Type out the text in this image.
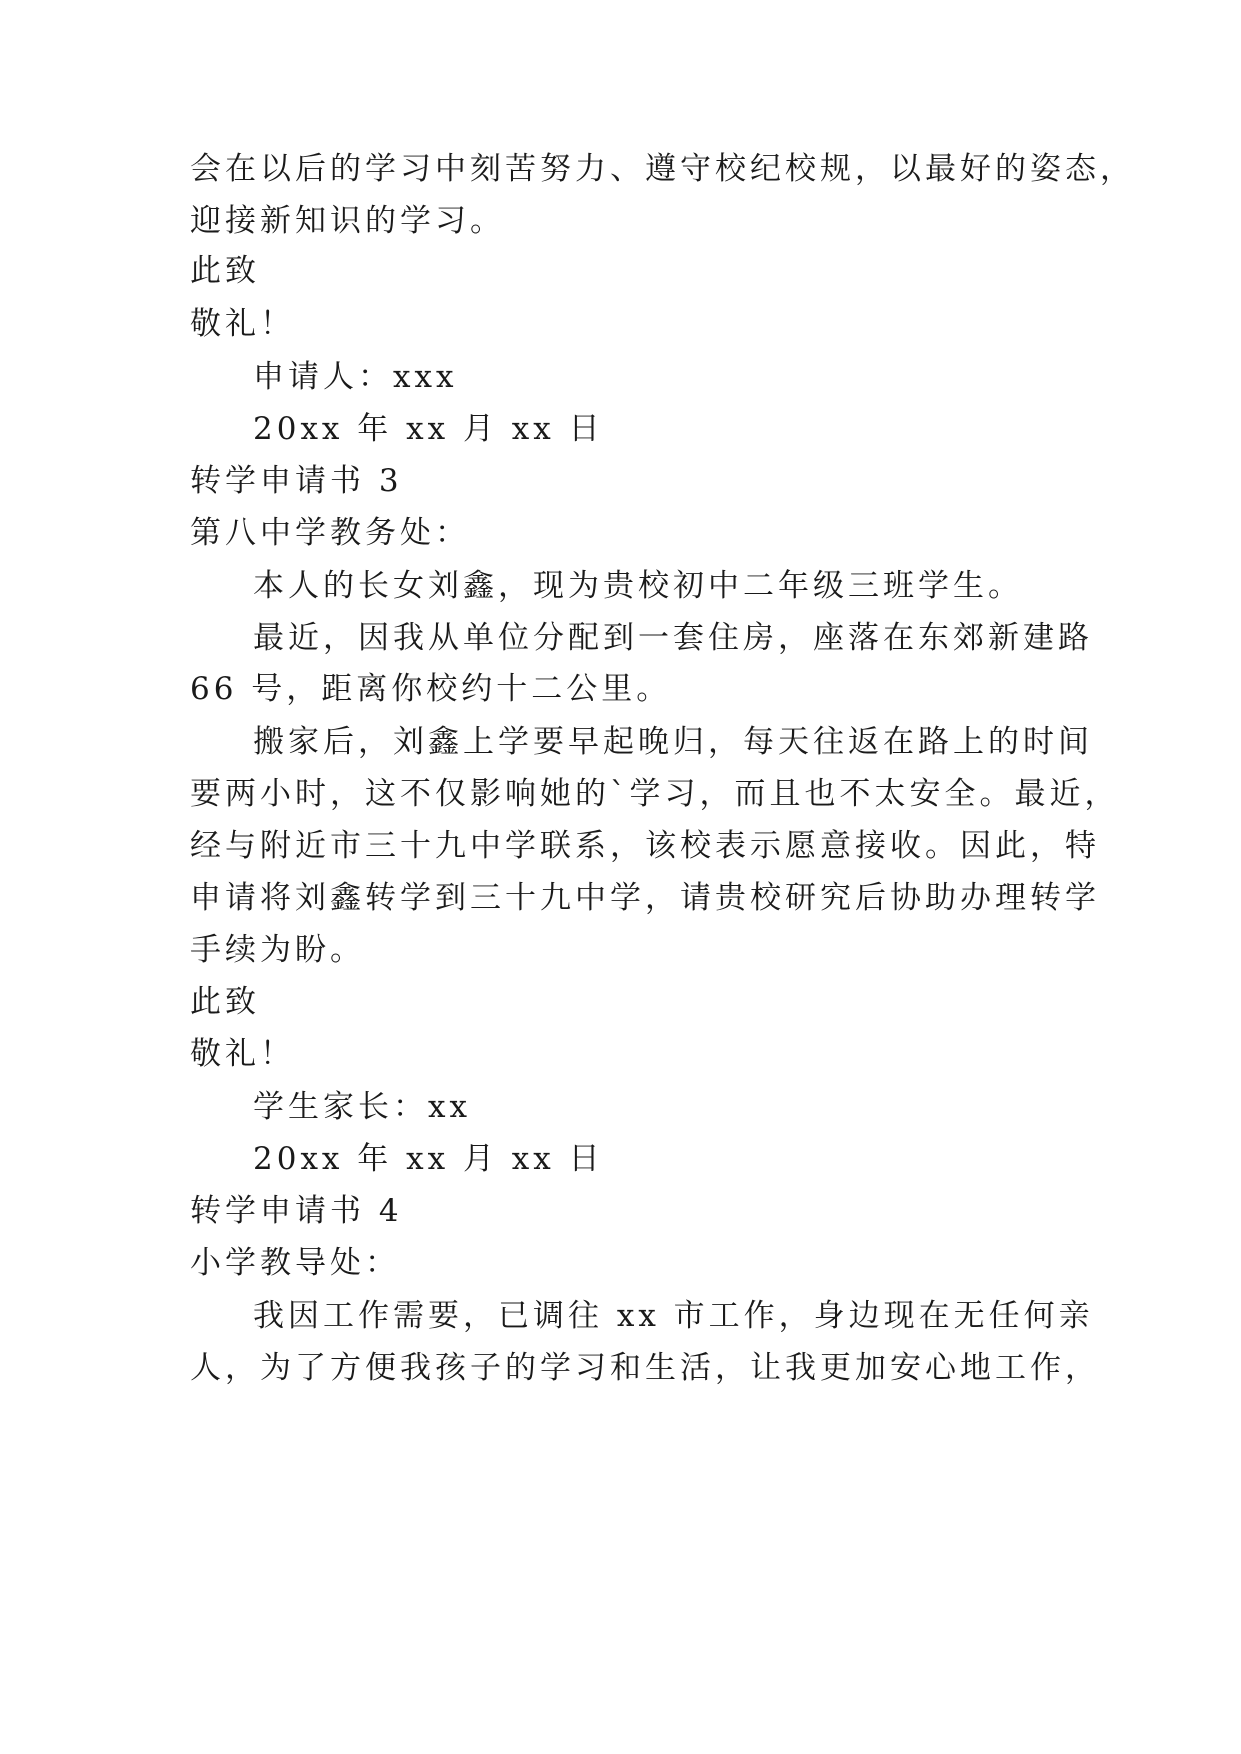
会在以后的学习中刻苦努力、遵守校纪校规，以最好的姿态，
迎接新知识的学习。
此致
敬礼！
申请人：xxx
20xx 年 xx 月 xx 日
转学申请书 3
第八中学教务处：
本人的长女刘鑫，现为贵校初中二年级三班学生。
最近，因我从单位分配到一套住房，座落在东郊新建路
66 号，距离你校约十二公里。
搬家后，刘鑫上学要早起晚归，每天往返在路上的时间
要两小时，这不仅影响她的`学习，而且也不太安全。最近，
经与附近市三十九中学联系，该校表示愿意接收。因此，特
申请将刘鑫转学到三十九中学，请贵校研究后协助办理转学
手续为盼。
此致
敬礼！
学生家长：xx
20xx 年 xx 月 xx 日
转学申请书 4
小学教导处：
我因工作需要，已调往 xx 市工作，身边现在无任何亲
人，为了方便我孩子的学习和生活，让我更加安心地工作，
